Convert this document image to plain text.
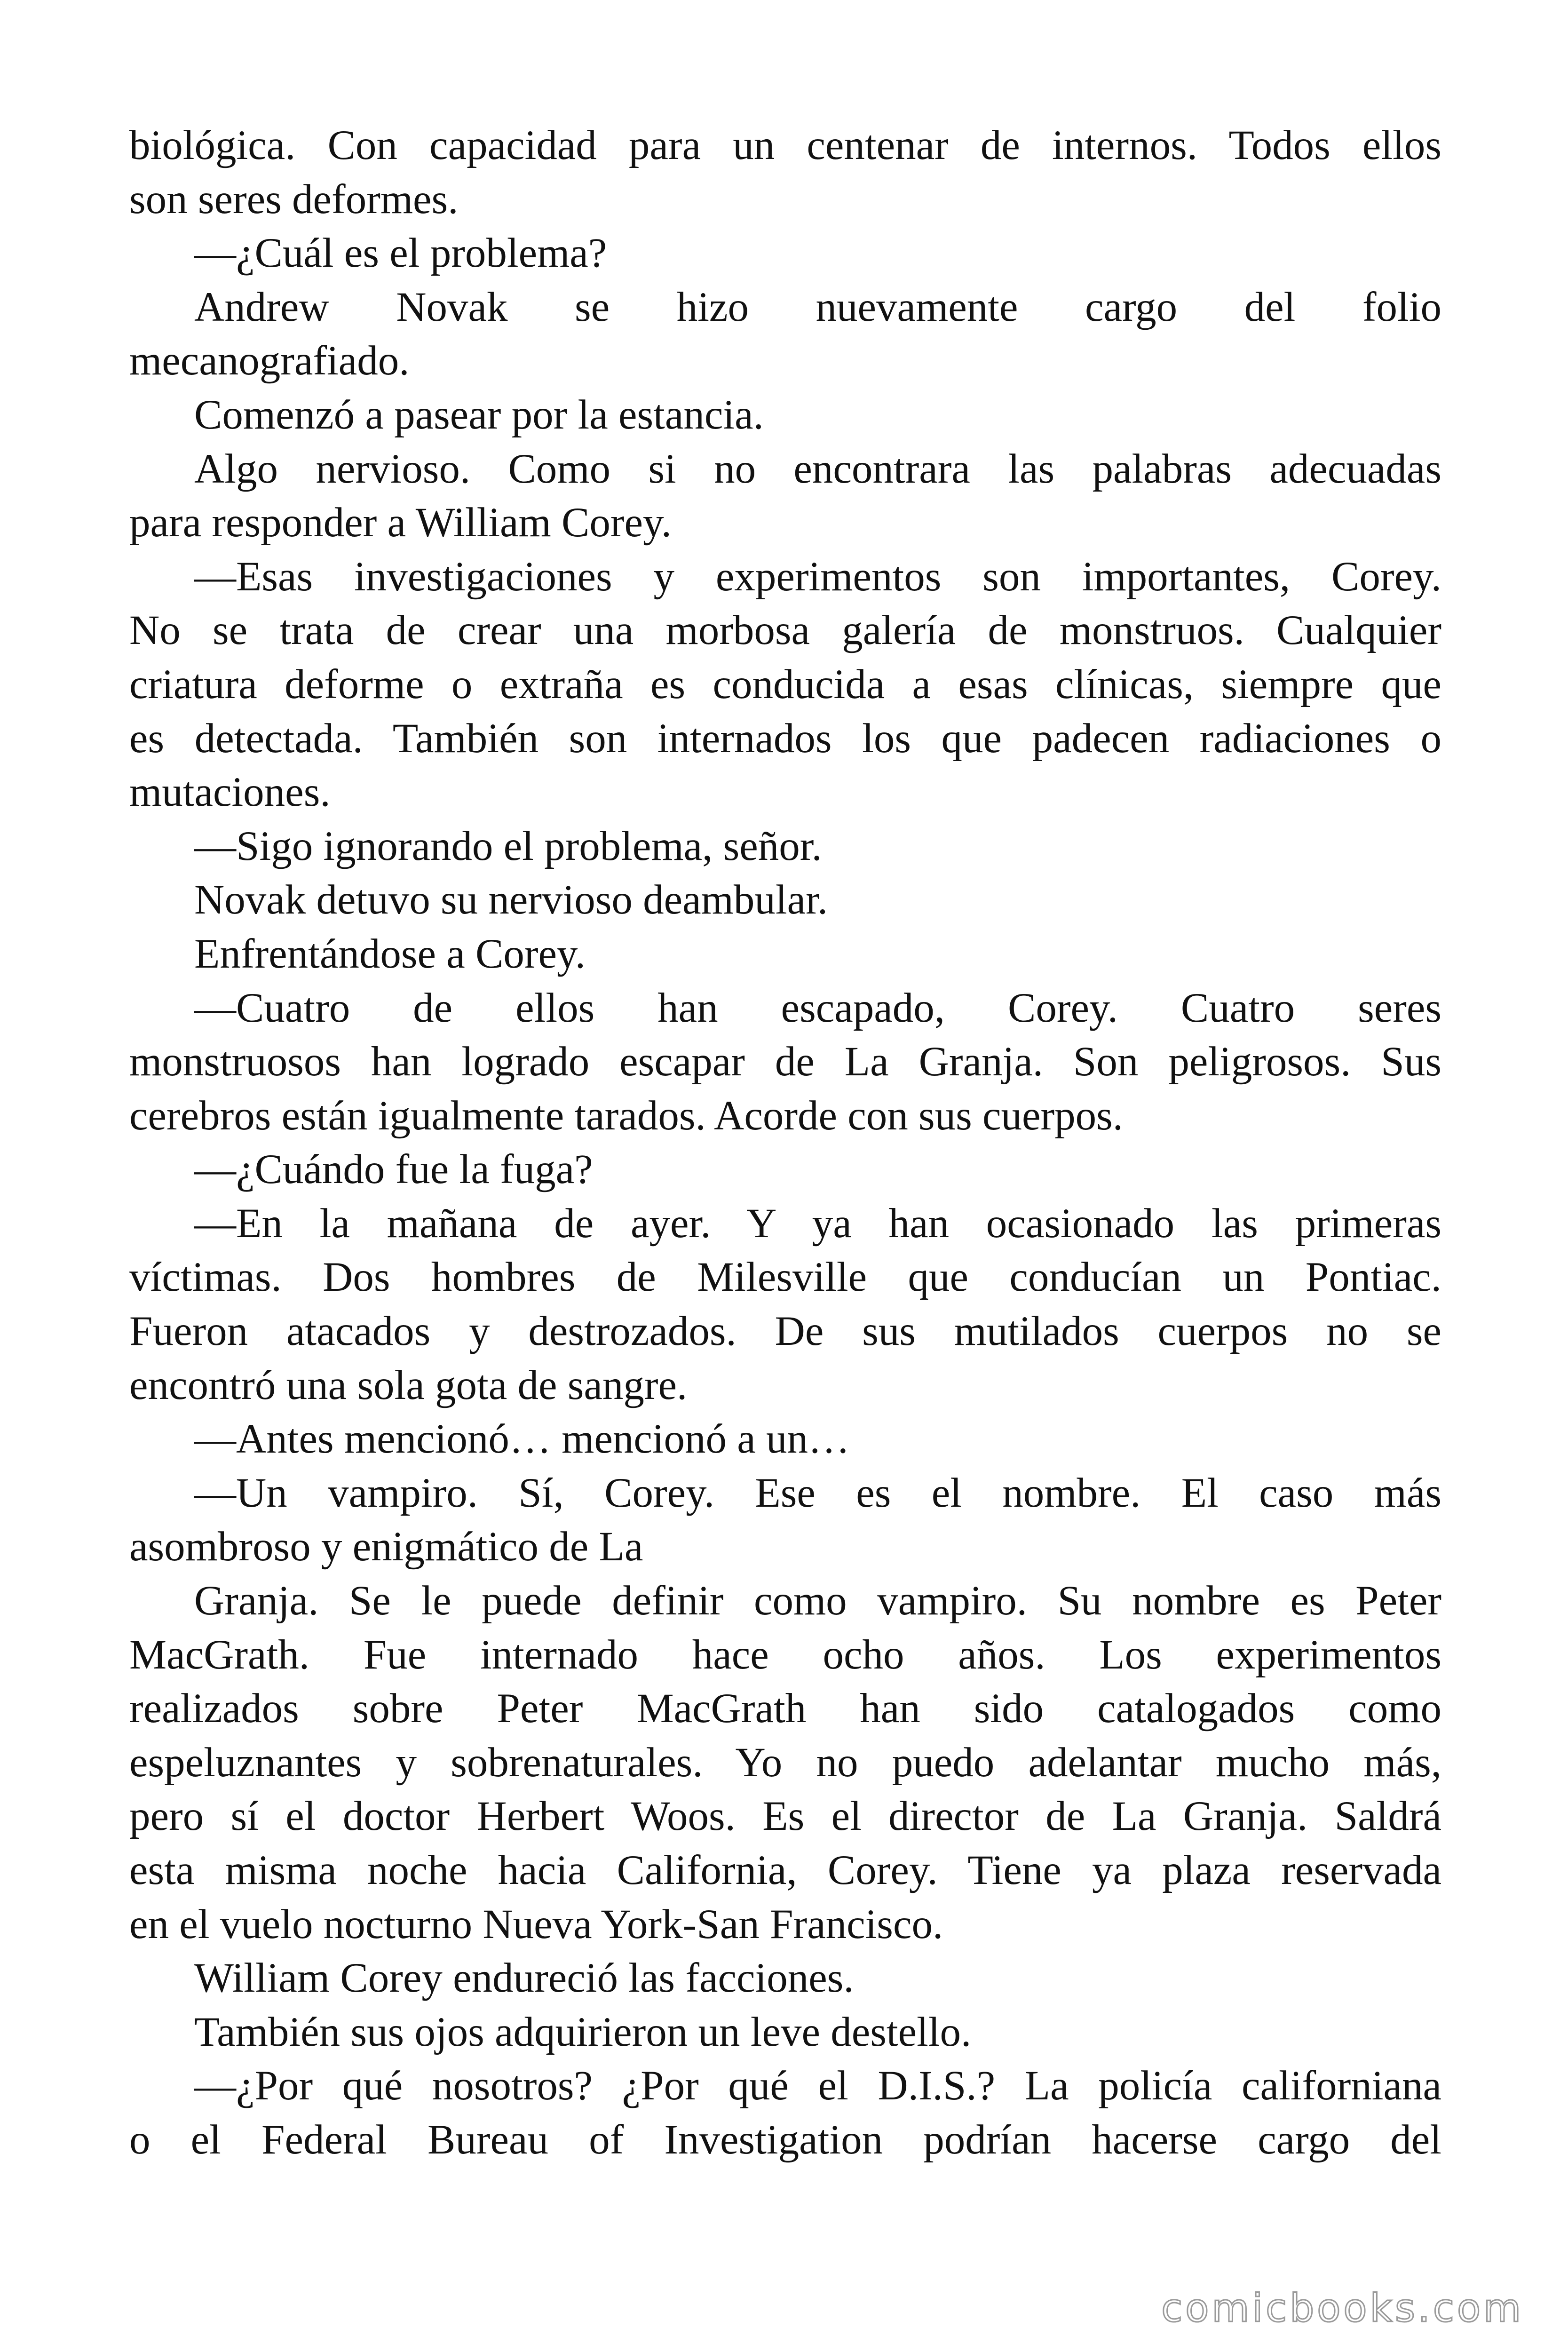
biológica. Con capacidad para un centenar de internos. Todos ellos
son seres deformes.
—¿Cuál es el problema?
Andrew Novak se hizo nuevamente cargo del folio
mecanografiado.
Comenzó a pasear por la estancia.
Algo nervioso. Como si no encontrara las palabras adecuadas
para responder a William Corey.
—Esas investigaciones y experimentos son importantes, Corey.
No se trata de crear una morbosa galería de monstruos. Cualquier
criatura deforme o extraña es conducida a esas clínicas, siempre que
es detectada. También son internados los que padecen radiaciones o
mutaciones.
—Sigo ignorando el problema, señor.
Novak detuvo su nervioso deambular.
Enfrentándose a Corey.
—Cuatro de ellos han escapado, Corey. Cuatro seres
monstruosos han logrado escapar de La Granja. Son peligrosos. Sus
cerebros están igualmente tarados. Acorde con sus cuerpos.
—¿Cuándo fue la fuga?
—En la mañana de ayer. Y ya han ocasionado las primeras
víctimas. Dos hombres de Milesville que conducían un Pontiac.
Fueron atacados y destrozados. De sus mutilados cuerpos no se
encontró una sola gota de sangre.
—Antes mencionó… mencionó a un…
—Un vampiro. Sí, Corey. Ese es el nombre. El caso más
asombroso y enigmático de La
Granja. Se le puede definir como vampiro. Su nombre es Peter
MacGrath. Fue internado hace ocho años. Los experimentos
realizados sobre Peter MacGrath han sido catalogados como
espeluznantes y sobrenaturales. Yo no puedo adelantar mucho más,
pero sí el doctor Herbert Woos. Es el director de La Granja. Saldrá
esta misma noche hacia California, Corey. Tiene ya plaza reservada
en el vuelo nocturno Nueva York-San Francisco.
William Corey endureció las facciones.
También sus ojos adquirieron un leve destello.
—¿Por qué nosotros? ¿Por qué el D.I.S.? La policía californiana
o el Federal Bureau of Investigation podrían hacerse cargo del
comicbooks.com
